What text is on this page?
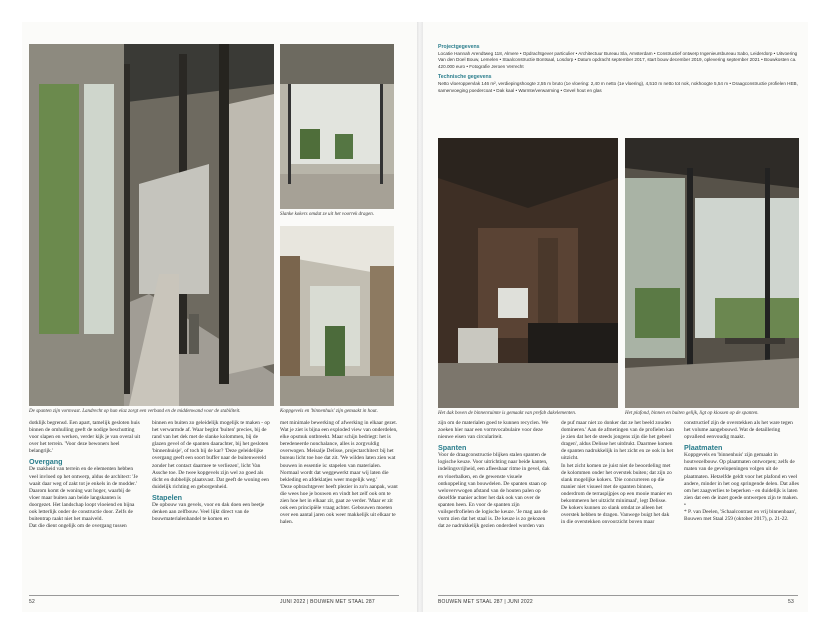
Slanke kokers omdat ze uit het voorrek dragen.
De spanten zijn vormvast. Landrecht op hun elaz zorgt een verband en de middenwand voor de stabiliteit.	Koppgevels en 'binnenhuis' zijn gemaakt in hout.

dotklijk begrensd. Een apart, tamelijk gesloten huis binnen de omhulling geeft de nodige beschutting voor slapen en werken, verder kijk je van overal uit over het terrein. 'Voor deze bewoners heel belangrijk.'

Overgang

De raakheid van terrein en de elementen hebben veel invloed op het ontwerp, aldus de architect: 'Je waait daar weg of zakt tot je enkels in de modder.' Daarom komt de woning wat hoger, waarbij de vloer maar buiten aan beide langskanten is doorgezet. Het landschap loopt vloeiend en bijna ook letterlijk onder de constructie door. Zelfs de buitentrap raakt niet het maaiveld.

Dat die dient ongelijk om de overgang tussen

binnen en buiten zo geleidelijk mogelijk te maken - op het verwarmde af. Waar begint 'buiten' precies, bij de rand van het dek met de slanke kolommen, bij de glazen gevel of de spanten daarachter, bij het gesloten 'binnenhuisje', of toch bij de kar? 'Deze geleidelijke overgang geeft een soort buffer naar de buitenwereld zonder het contact daarmee te verliezen', licht Van Assche toe. De twee kopgevels zijn wel zo goed als dicht en dubbelijk plaatsvast. Dat geeft de woning een duidelijk richting en geborgenheid.

Stapelen

De opbouw van gevels, voor en dak doen een beetje denken aan zelfbouw. Veel lijkt direct van de bouwmaterialenhandel te komen en

met minimale bewerking of afwerking in elkaar gezet. Wat je ziet is bijna een exploded view van onderdelen, elke opsmuk ontbreekt. Maar schijn bedriegt: het is beredeneerde nonchalance, alles is zorgvuldig overwogen. Meisalje Delisse, projectarchitect bij het bureau licht toe hoe dat zit. 'We wilden laten zien wat bouwen in essentie is: stapelen van materialen. Normaal wordt dat weggewerkt maar wij laten die bekleding en afdeklatjes weer mogelijk weg.'

'Deze opbrachtgever heeft plezier in zo'n aanpak, want die wees hoe je bouwen en vindt het zelf ook om te zien hoe het in elkaar zit, gaat ze verder. 'Maar er zit ook een principiële vraag achter. Gebouwen moeten over een aantal jaren ook weer makkelijk uit elkaar te halen.

52	JUNI 2022 | BOUWEN MET STAAL 287
Projectgegevens

Locatie Hannah Arendtweg 118, Almere • Opdrachtgever particulier • Architectuur Bureau Sla, Amsterdam • Constructief ontwerp Ingenieursbureau Sabo, Leiderdorp • Uitvoering Van den Doel Bouw, Lemelen • Staalconstructie Bontsaal, Losdorp • Datum opdracht september 2017, start bouw december 2019, oplevering september 2021 • Bouwkosten ca. 420.000 euro • Fotografie Jeroen Verrecht

Technische gegevens

Netto vloeroppervlak 146 m², verdiepingshoogte 2,55 m bruto (1e vloering: 2,40 m netto (1e vloering), 4,510 m netto tot nok, nokhoogte 5,54 m • Draagconstructie profielen HEB, samenvoeging poedercoat • Dak kaal • Warmte/verwarming • Gevel hout en glas

Het dak boven de binnenruimte is gemaakt van prefab dakelementen.	Het plafond, binnen en buiten gelijk, ligt op klossen op de spanten.

zijn om de materialen goed te kunnen recyclen. We zoeken hier naar een vormvocabulaire voor deze nieuwe eisen van circulariteit.

Spanten

Voor de draagconstructie blijken stalen spanten de logische keuze. Voor uitrichting naar beide kanten, indelingsvrijheid, een afleesbaar ritme in gevel, dak en vloerbalken, en de gewenste visuele ontkoppeling van bouwdelen. De spanten staan op welovervwogen afstand van de houten palen op dezelfde manier achter het dak ook van over de spanten heen. En voor de spanten zijn vuilsperfrofielen de logische keuze. 'Je mag aan de vorm zien dat het staal is. De keuze is zo gekozen dat ze nadrukkelijk gezien onderdeel worden van

de puf maar niet zo donker dat ze het beeld zouden domineren.' Aan de afmetingen van de profielen kan je zien dat het de steeds jongens zijn die het gebeel dragen', aldus Delisse het uitdrukt. Daarmee komen de spanten nadrukkelijk in het zicht en ze ook in het uitzicht.

In het zicht komen ze juist niet de beoordeling met de kolommen onder het overstek buiten; dat zijn zo slank mogelijke kokers. 'Die concurreren op die manier niet visueel met de spanten binnen, onderdrom de terraspijpjes op een mooie manier en bekommeren het uitzicht minimaal', legt Delisse. De kokers kunnen zo slank omdat ze alleen het overstek hebben te dragen. Vanwege buigt het dak in die overstekken onvoorzicht boven maar

constructief zijn de overstekken als het ware tegen het volume aangebouwd. Wat de detaillering opvallend eenvoudig maakt.

Plaatmaten

Koppgevels en 'binnenhuis' zijn gemaakt in houtvezelbouw. Op plaatmaten ontworpen; zelfs de maten van de gevelopeningen volgen uit de plaatmaten. Hetzelfde geldt voor het plafond en veel andere, minder in het oog springende delen. Dat alles om het zaagverlies te beperken - en duidelijk is laten zien dat een de inzet goede ontwerpen zijn te maken. •

* P. van Deelen, 'Schaalcontrast en vrij binnenbaan', Bouwen met Staal 259 (oktober 2017), p. 21-22.

BOUWEN MET STAAL 287 | JUNI 2022	53
